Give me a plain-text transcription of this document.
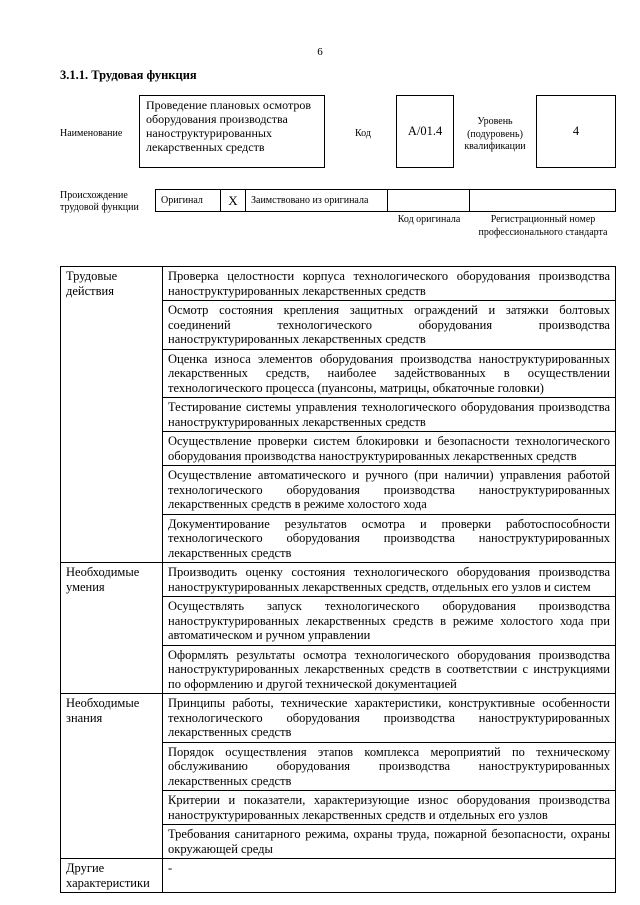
6
3.1.1. Трудовая функция
Наименование
Проведение плановых осмотров оборудования производства наноструктурированных лекарственных средств
Код	А/01.4
Уровень (подуровень) квалификации
4
Происхождение трудовой функции
Оригинал	X	Заимствовано из оригинала
Код оригинала	Регистрационный номер профессионального стандарта
Трудовые действия	Проверка целостности корпуса технологического оборудования производства наноструктурированных лекарственных средств
	Осмотр состояния крепления защитных ограждений и затяжки болтовых соединений технологического оборудования производства наноструктурированных лекарственных средств
	Оценка износа элементов оборудования производства наноструктурированных лекарственных средств, наиболее задействованных в осуществлении технологического процесса (пуансоны, матрицы, обкаточные головки)
	Тестирование системы управления технологического оборудования производства наноструктурированных лекарственных средств
	Осуществление проверки систем блокировки и безопасности технологического оборудования производства наноструктурированных лекарственных средств
	Осуществление автоматического и ручного (при наличии) управления работой технологического оборудования производства наноструктурированных лекарственных средств в режиме холостого хода
	Документирование результатов осмотра и проверки работоспособности технологического оборудования производства наноструктурированных лекарственных средств
Необходимые умения	Производить оценку состояния технологического оборудования производства наноструктурированных лекарственных средств, отдельных его узлов и систем
	Осуществлять запуск технологического оборудования производства наноструктурированных лекарственных средств в режиме холостого хода при автоматическом и ручном управлении
	Оформлять результаты осмотра технологического оборудования производства наноструктурированных лекарственных средств в соответствии с инструкциями по оформлению и другой технической документацией
Необходимые знания	Принципы работы, технические характеристики, конструктивные особенности технологического оборудования производства наноструктурированных лекарственных средств
	Порядок осуществления этапов комплекса мероприятий по техническому обслуживанию оборудования производства наноструктурированных лекарственных средств
	Критерии и показатели, характеризующие износ оборудования производства наноструктурированных лекарственных средств и отдельных его узлов
	Требования санитарного режима, охраны труда, пожарной безопасности, охраны окружающей среды
Другие характеристики	-
